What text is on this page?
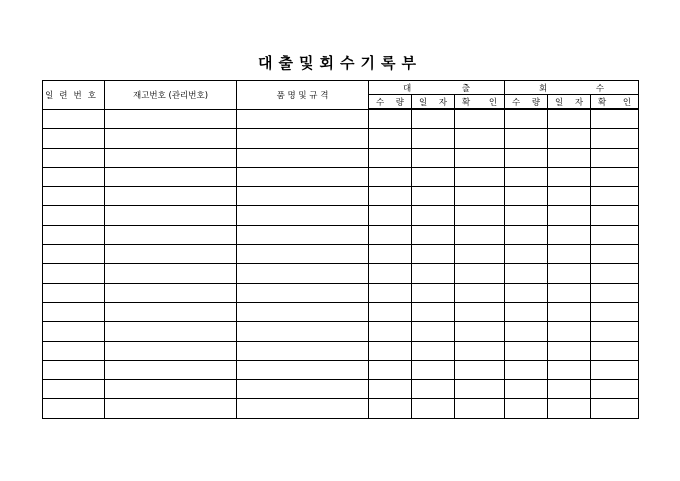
대출및회수기록부
일련번호	재고번호 (관리번호)	품 명 및 규 격	대 출			회 수		

			수 량	일 자	확 인	수 량	일 자	확 인
